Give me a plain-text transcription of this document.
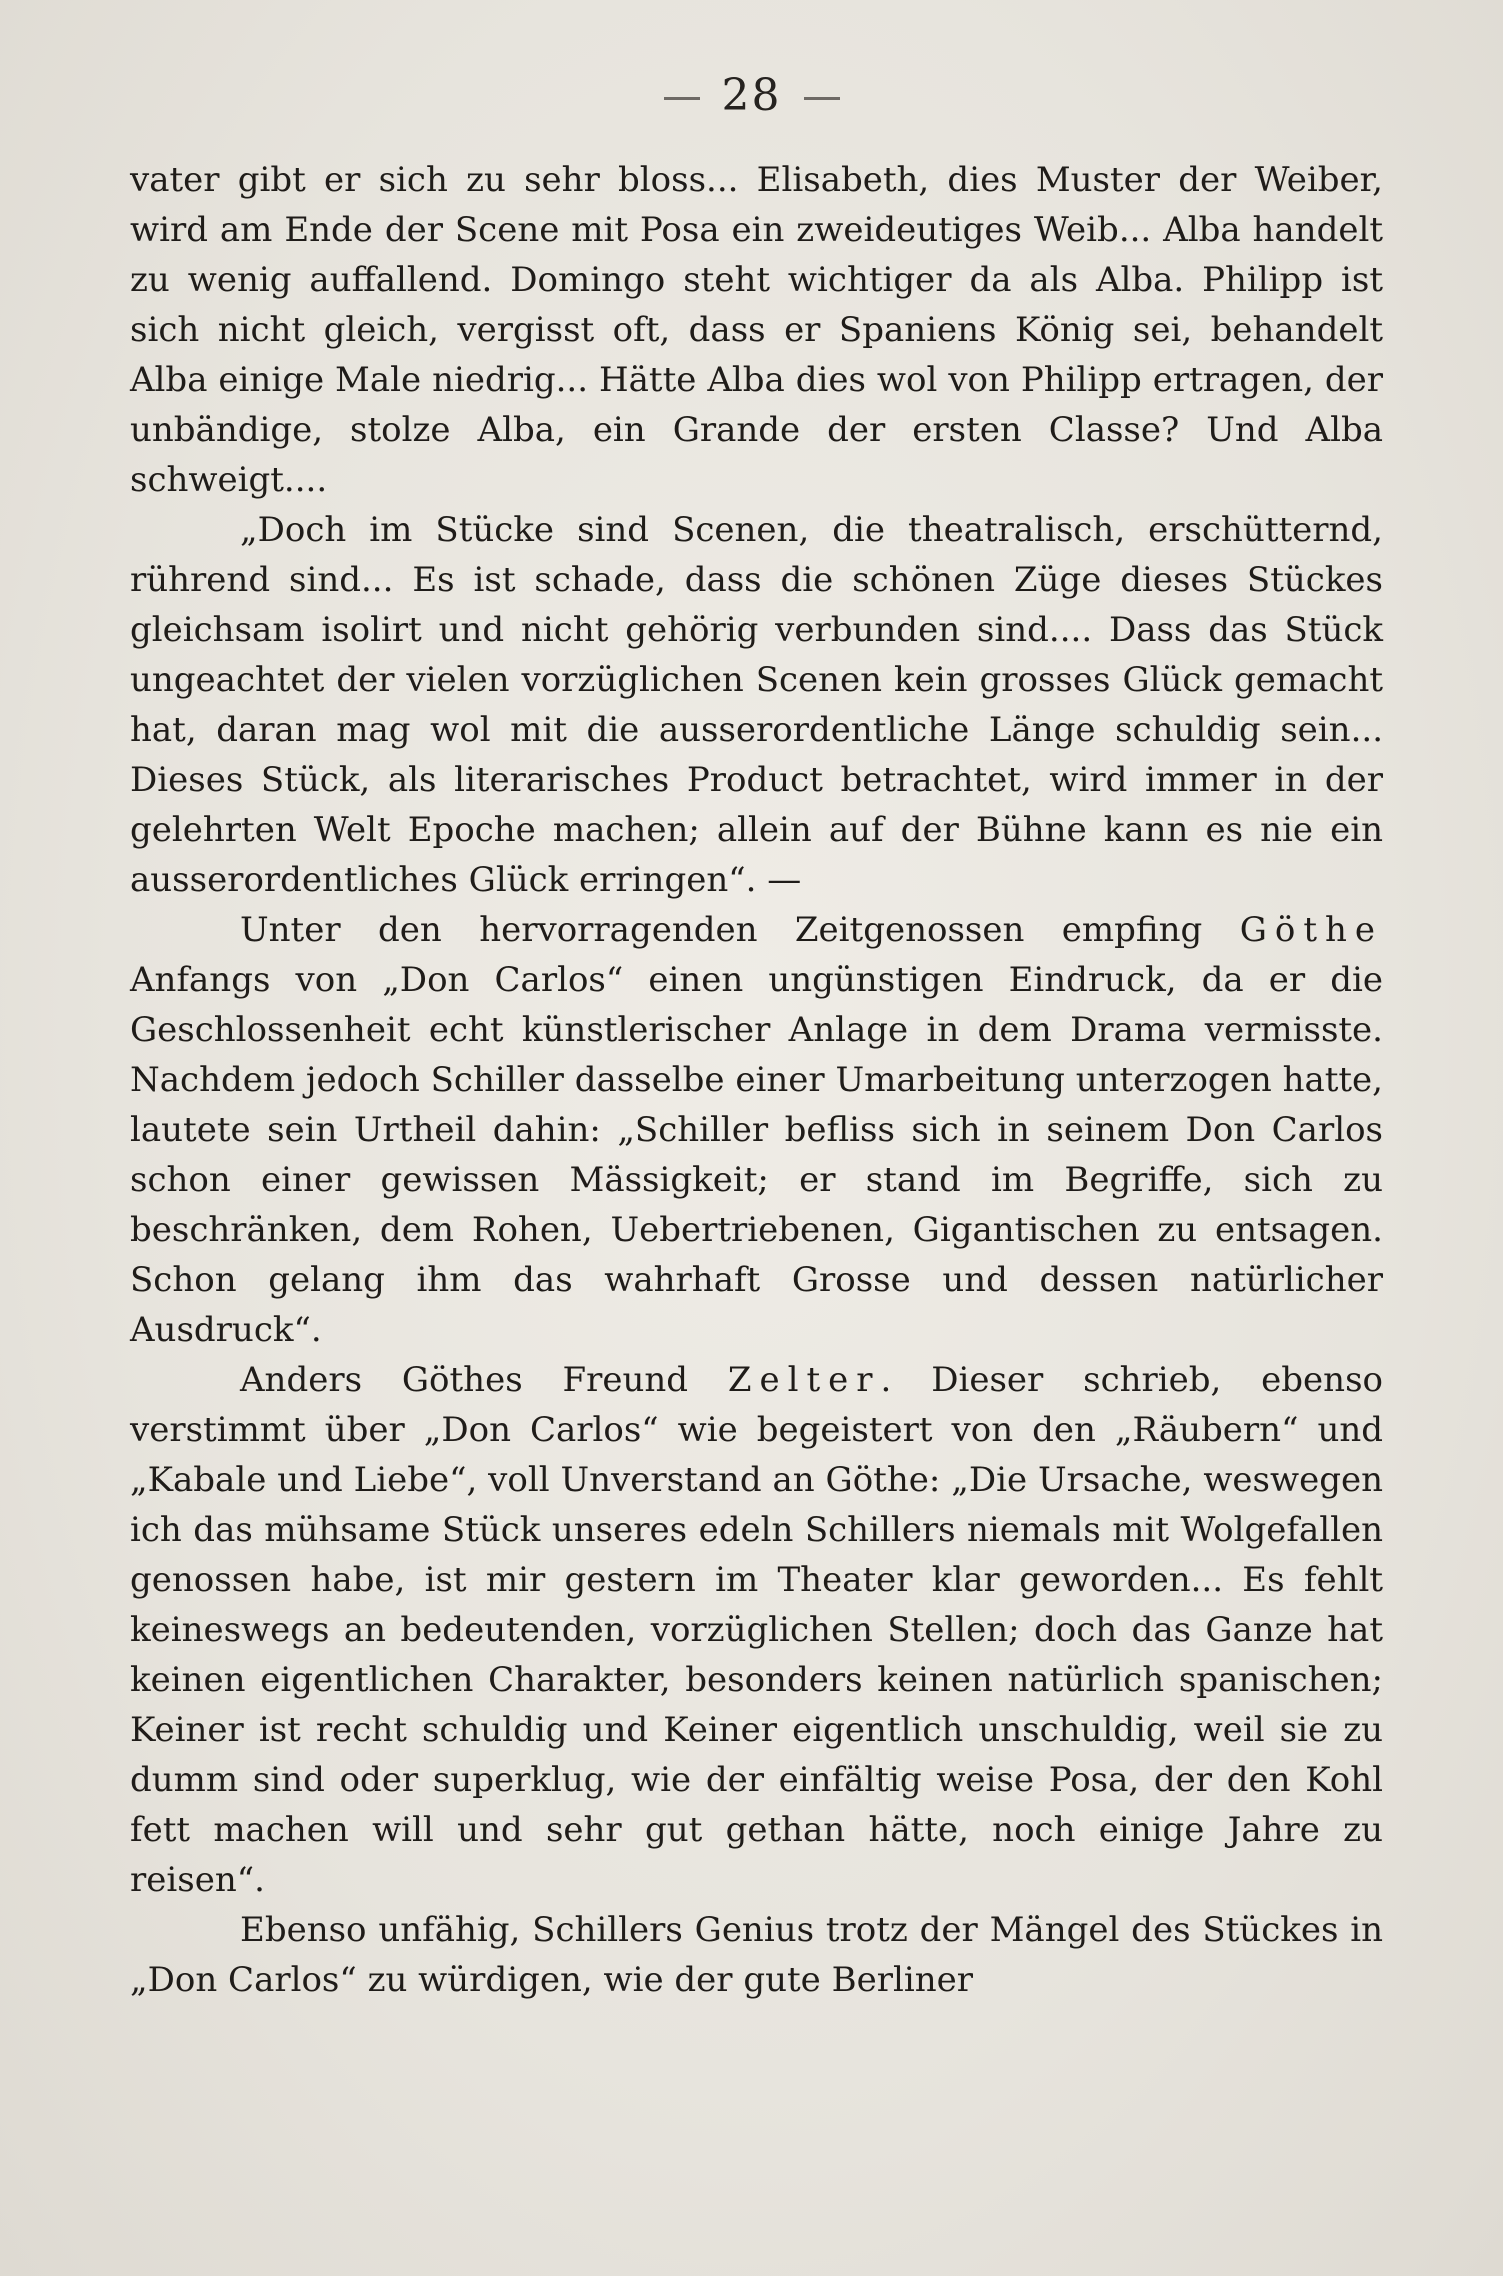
28

vater gibt er sich zu sehr bloss... Elisabeth, dies Muster der Weiber, wird am Ende der Scene mit Posa ein zweideutiges Weib... Alba handelt zu wenig auffallend. Domingo steht wichtiger da als Alba. Philipp ist sich nicht gleich, vergisst oft, dass er Spaniens König sei, behandelt Alba einige Male niedrig... Hätte Alba dies wol von Philipp ertragen, der unbändige, stolze Alba, ein Grande der ersten Classe? Und Alba schweigt....

„Doch im Stücke sind Scenen, die theatralisch, erschütternd, rührend sind... Es ist schade, dass die schönen Züge dieses Stückes gleichsam isolirt und nicht gehörig verbunden sind.... Dass das Stück ungeachtet der vielen vorzüglichen Scenen kein grosses Glück gemacht hat, daran mag wol mit die ausserordentliche Länge schuldig sein... Dieses Stück, als literarisches Product betrachtet, wird immer in der gelehrten Welt Epoche machen; allein auf der Bühne kann es nie ein ausserordentliches Glück erringen“. —

Unter den hervorragenden Zeitgenossen empfing Göthe Anfangs von „Don Carlos“ einen ungünstigen Eindruck, da er die Geschlossenheit echt künstlerischer Anlage in dem Drama vermisste. Nachdem jedoch Schiller dasselbe einer Umarbeitung unterzogen hatte, lautete sein Urtheil dahin: „Schiller befliss sich in seinem Don Carlos schon einer gewissen Mässigkeit; er stand im Begriffe, sich zu beschränken, dem Rohen, Uebertriebenen, Gigantischen zu entsagen. Schon gelang ihm das wahrhaft Grosse und dessen natürlicher Ausdruck“.

Anders Göthes Freund Zelter. Dieser schrieb, ebenso verstimmt über „Don Carlos“ wie begeistert von den „Räubern“ und „Kabale und Liebe“, voll Unverstand an Göthe: „Die Ursache, weswegen ich das mühsame Stück unseres edeln Schillers niemals mit Wolgefallen genossen habe, ist mir gestern im Theater klar geworden... Es fehlt keineswegs an bedeutenden, vorzüglichen Stellen; doch das Ganze hat keinen eigentlichen Charakter, besonders keinen natürlich spanischen; Keiner ist recht schuldig und Keiner eigentlich unschuldig, weil sie zu dumm sind oder superklug, wie der einfältig weise Posa, der den Kohl fett machen will und sehr gut gethan hätte, noch einige Jahre zu reisen“.

Ebenso unfähig, Schillers Genius trotz der Mängel des Stückes in „Don Carlos“ zu würdigen, wie der gute Berliner
